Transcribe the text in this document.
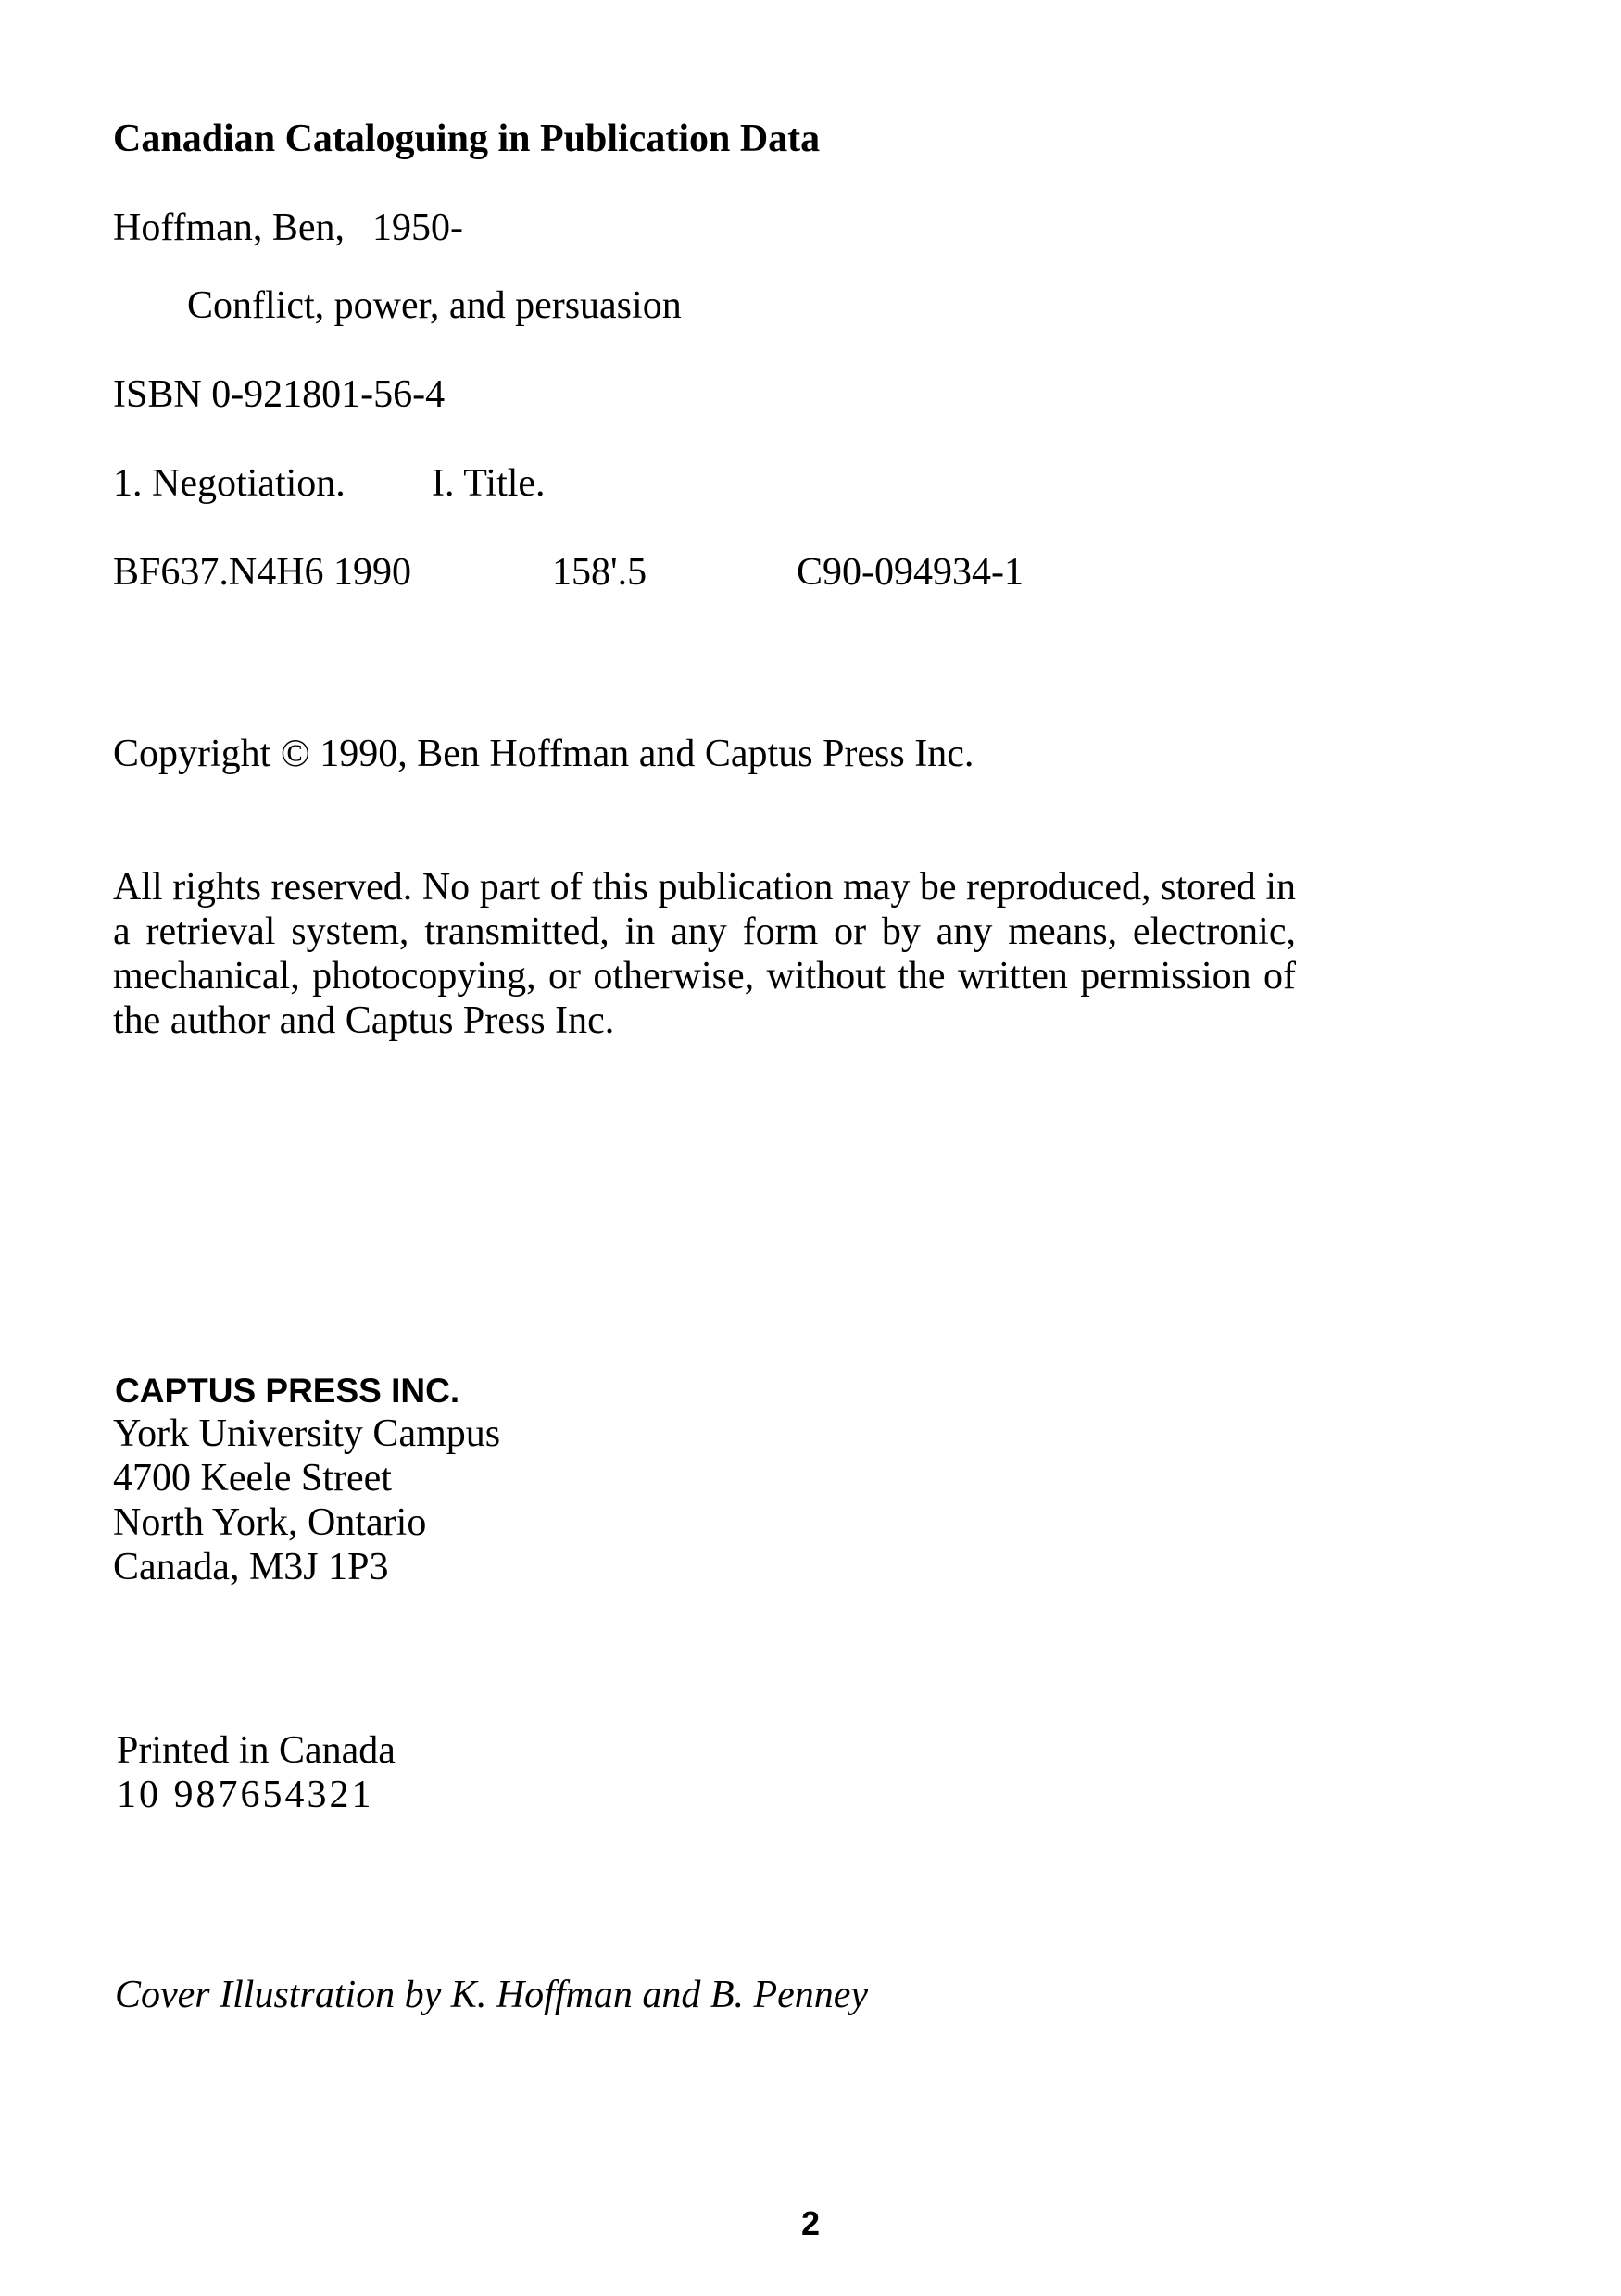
Canadian Cataloguing in Publication Data
Hoffman, Ben, 1950-
Conflict, power, and persuasion
ISBN 0-921801-56-4
1. Negotiation. I. Title.
BF637.N4H6 1990	158'.5	C90-094934-1
Copyright © 1990, Ben Hoffman and Captus Press Inc.
All rights reserved. No part of this publication may be reproduced, stored in a retrieval system, transmitted, in any form or by any means, electronic, mechanical, photocopying, or otherwise, without the written permission of the author and Captus Press Inc.
CAPTUS PRESS INC.
York University Campus
4700 Keele Street
North York, Ontario
Canada, M3J 1P3
Printed in Canada
10 987654321
Cover Illustration by K. Hoffman and B. Penney
2
